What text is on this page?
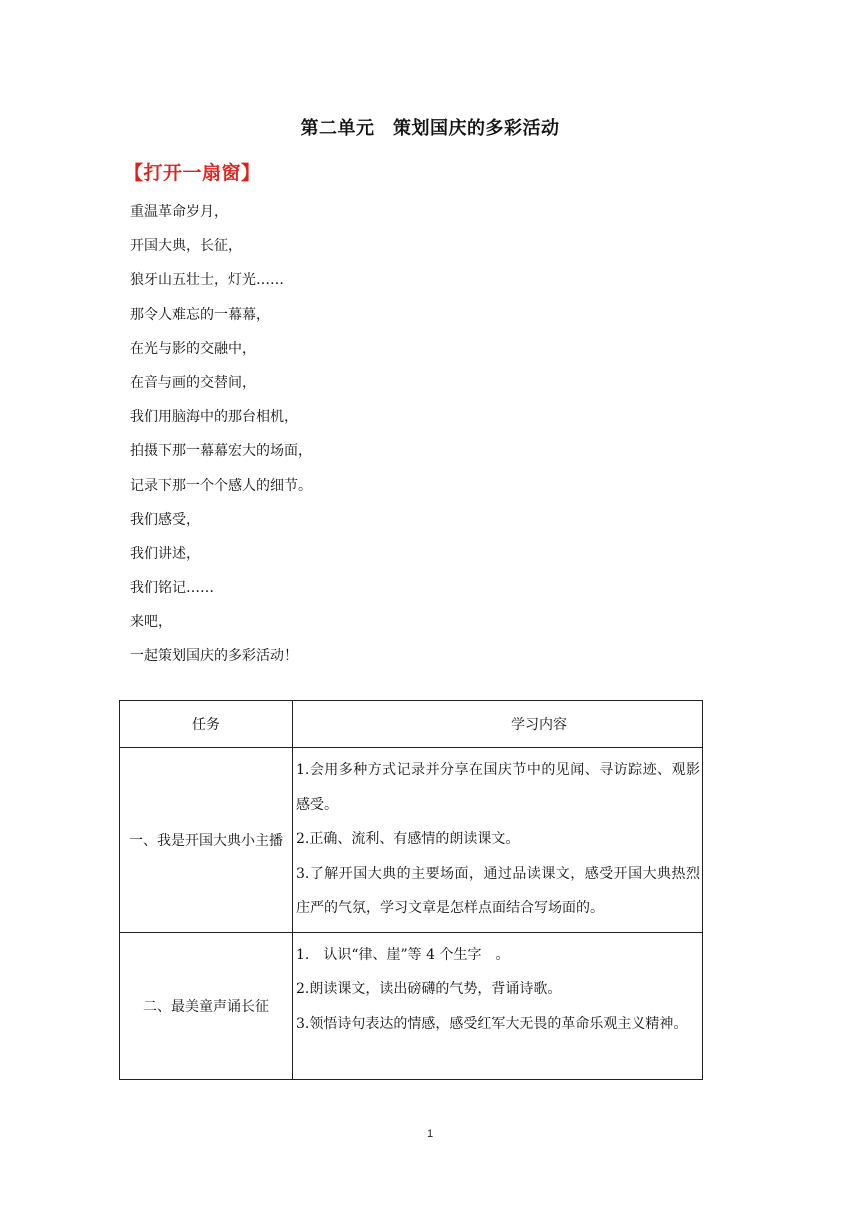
第二单元　策划国庆的多彩活动
【打开一扇窗】
重温革命岁月，
开国大典，长征，
狼牙山五壮士，灯光……
那令人难忘的一幕幕，
在光与影的交融中，
在音与画的交替间，
我们用脑海中的那台相机，
拍摄下那一幕幕宏大的场面，
记录下那一个个感人的细节。
我们感受，
我们讲述，
我们铭记……
来吧，
一起策划国庆的多彩活动！
任务	学习内容
一、我是开国大典小主播	1.会用多种方式记录并分享在国庆节中的见闻、寻访踪迹、观影感受。

2.正确、流利、有感情的朗读课文。

3.了解开国大典的主要场面，通过品读课文，感受开国大典热烈庄严的气氛，学习文章是怎样点面结合写场面的。

二、最美童声诵长征	1.　认识“律、崖”等 4 个生字　。

2.朗读课文，读出磅礴的气势，背诵诗歌。

3.领悟诗句表达的情感，感受红军大无畏的革命乐观主义精神。

1
